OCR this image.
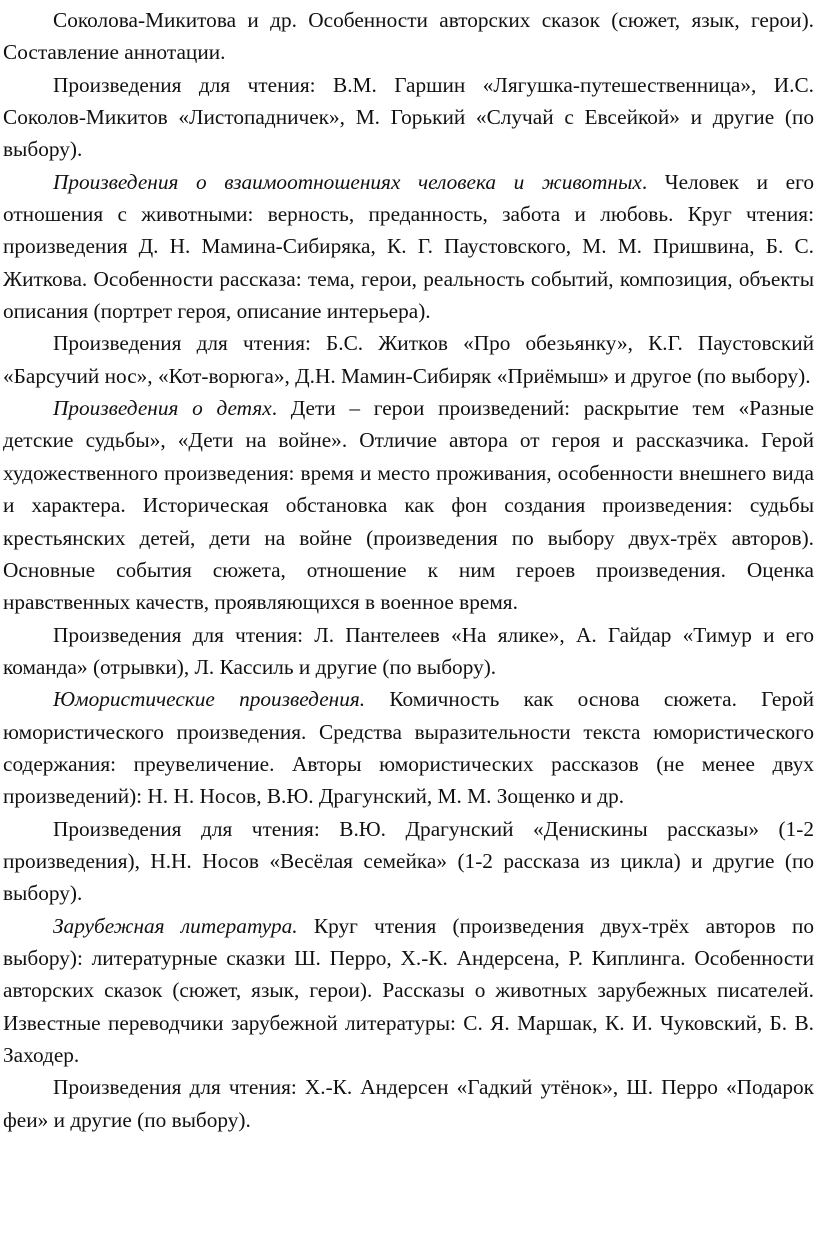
Соколова-Микитова и др. Особенности авторских сказок (сюжет, язык, герои). Составление аннотации.

Произведения для чтения: В.М. Гаршин «Лягушка-путешественница», И.С. Соколов-Микитов «Листопадничек», М. Горький «Случай с Евсейкой» и другие (по выбору).

Произведения о взаимоотношениях человека и животных. Человек и его отношения с животными: верность, преданность, забота и любовь. Круг чтения: произведения Д. Н. Мамина-Сибиряка, К. Г. Паустовского, М. М. Пришвина, Б. С. Житкова. Особенности рассказа: тема, герои, реальность событий, композиция, объекты описания (портрет героя, описание интерьера).

Произведения для чтения: Б.С. Житков «Про обезьянку», К.Г. Паустовский «Барсучий нос», «Кот-ворюга», Д.Н. Мамин-Сибиряк «Приёмыш» и другое (по выбору).

Произведения о детях. Дети – герои произведений: раскрытие тем «Разные детские судьбы», «Дети на войне». Отличие автора от героя и рассказчика. Герой художественного произведения: время и место проживания, особенности внешнего вида и характера. Историческая обстановка как фон создания произведения: судьбы крестьянских детей, дети на войне (произведения по выбору двух-трёх авторов). Основные события сюжета, отношение к ним героев произведения. Оценка нравственных качеств, проявляющихся в военное время.

Произведения для чтения: Л. Пантелеев «На ялике», А. Гайдар «Тимур и его команда» (отрывки), Л. Кассиль и другие (по выбору).

Юмористические произведения. Комичность как основа сюжета. Герой юмористического произведения. Средства выразительности текста юмористического содержания: преувеличение. Авторы юмористических рассказов (не менее двух произведений): Н. Н. Носов, В.Ю. Драгунский, М. М. Зощенко и др.

Произведения для чтения: В.Ю. Драгунский «Денискины рассказы» (1-2 произведения), Н.Н. Носов «Весёлая семейка» (1-2 рассказа из цикла) и другие (по выбору).

Зарубежная литература. Круг чтения (произведения двух-трёх авторов по выбору): литературные сказки Ш. Перро, Х.-К. Андерсена, Р. Киплинга. Особенности авторских сказок (сюжет, язык, герои). Рассказы о животных зарубежных писателей. Известные переводчики зарубежной литературы: С. Я. Маршак, К. И. Чуковский, Б. В. Заходер.

Произведения для чтения: Х.-К. Андерсен «Гадкий утёнок», Ш. Перро «Подарок феи» и другие (по выбору).
